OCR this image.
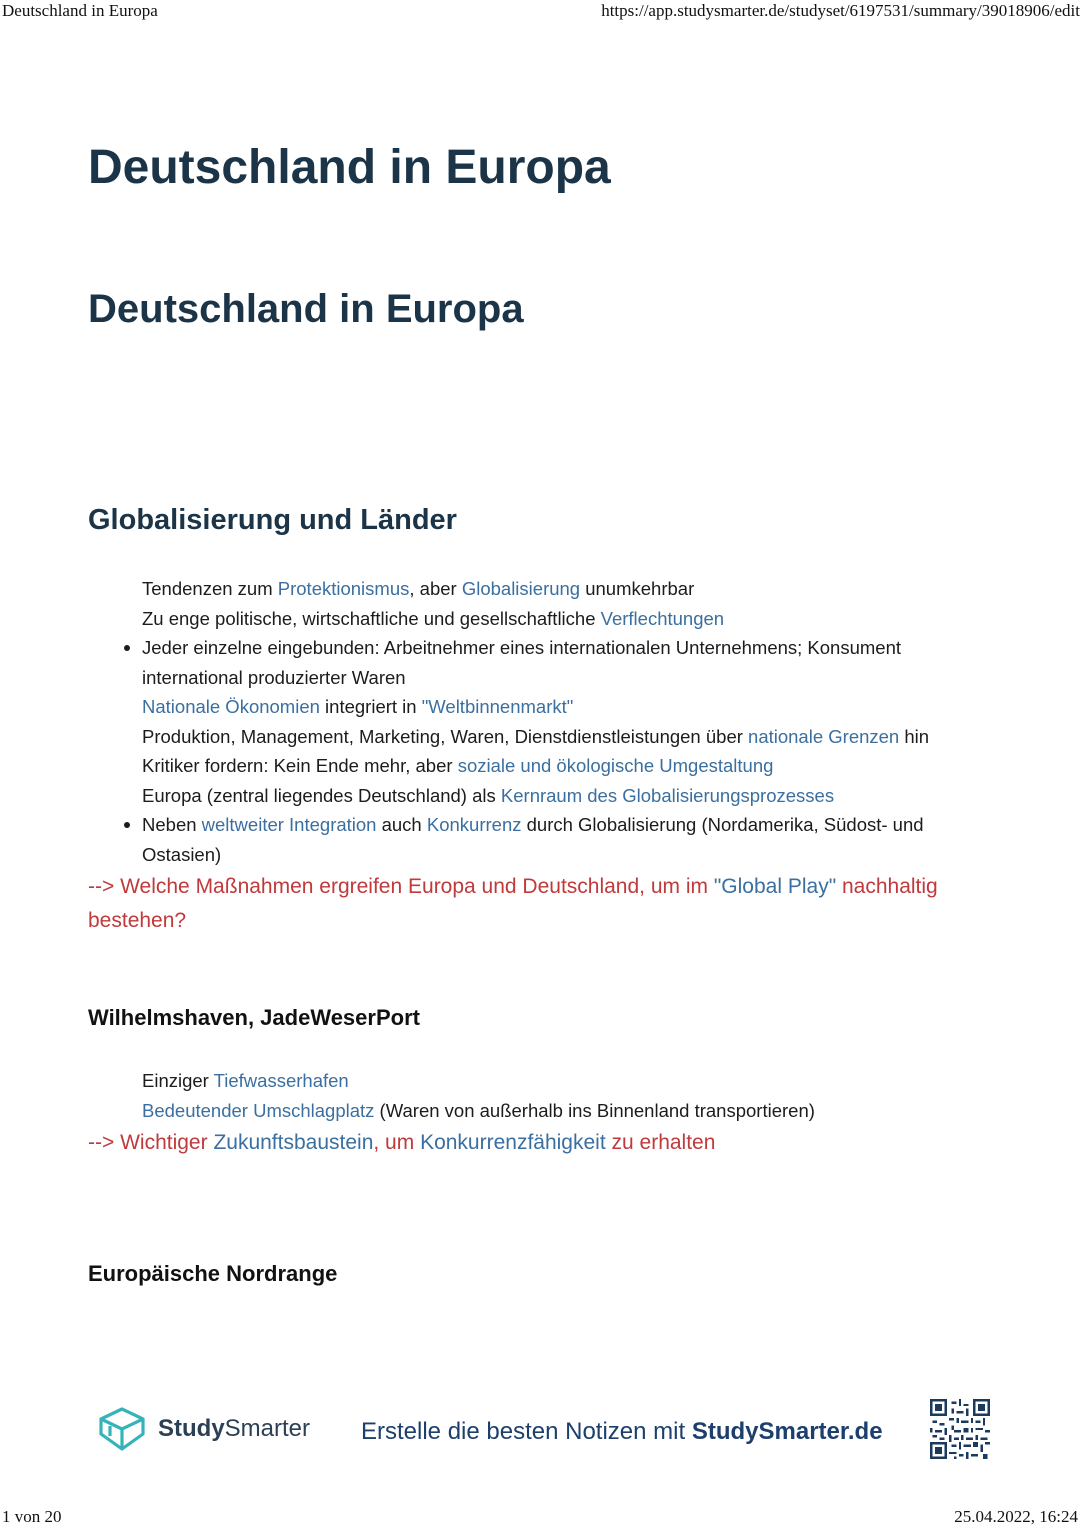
Deutschland in Europa	https://app.studysmarter.de/studyset/6197531/summary/39018906/edit
Deutschland in Europa
Deutschland in Europa
Globalisierung und Länder
Tendenzen zum Protektionismus, aber Globalisierung unumkehrbar
Zu enge politische, wirtschaftliche und gesellschaftliche Verflechtungen
Jeder einzelne eingebunden: Arbeitnehmer eines internationalen Unternehmens; Konsument international produzierter Waren
Nationale Ökonomien integriert in "Weltbinnenmarkt"
Produktion, Management, Marketing, Waren, Dienstdienstleistungen über nationale Grenzen hin
Kritiker fordern: Kein Ende mehr, aber soziale und ökologische Umgestaltung
Europa (zentral liegendes Deutschland) als Kernraum des Globalisierungsprozesses
Neben weltweiter Integration auch Konkurrenz durch Globalisierung (Nordamerika, Südost- und Ostasien)

--> Welche Maßnahmen ergreifen Europa und Deutschland, um im "Global Play" nachhaltig bestehen?

Wilhelmshaven, JadeWeserPort
Einziger Tiefwasserhafen
Bedeutender Umschlagplatz (Waren von außerhalb ins Binnenland transportieren)

--> Wichtiger Zukunftsbaustein, um Konkurrenzfähigkeit zu erhalten

Europäische Nordrange
StudySmarter Erstelle die besten Notizen mit StudySmarter.de
1 von 20	25.04.2022, 16:24
